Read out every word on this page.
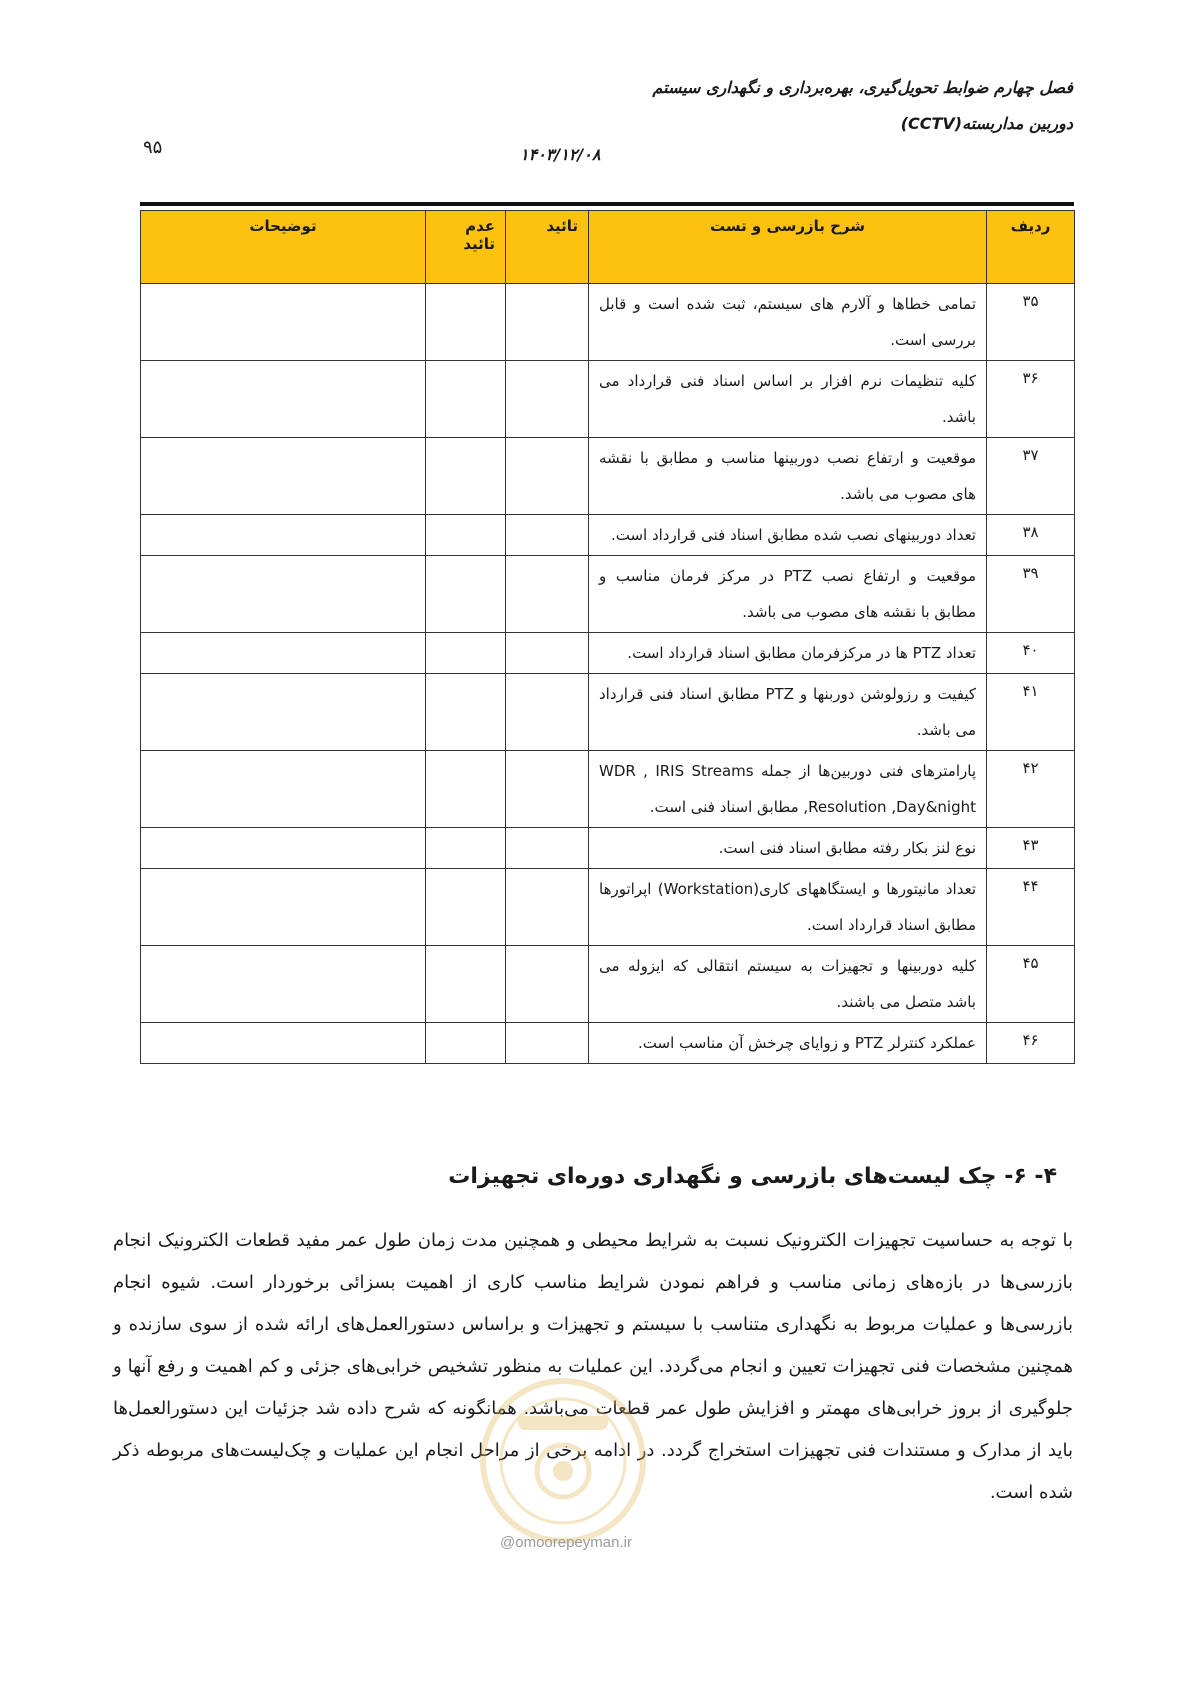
فصل چهارم ضوابط تحویل‌گیری، بهره‌برداری و نگهداری سیستم
دوربین مداربسته(CCTV)
۱۴۰۳/۱۲/۰۸
۹۵
ردیف	شرح بازرسی و تست	تائید	عدم تائید	توضیحات
۳۵	تمامی خطاها و آلارم های سیستم، ثبت شده است و قابل بررسی است.			
۳۶	کلیه تنظیمات نرم افزار بر اساس اسناد فنی قرارداد می باشد.			
۳۷	موقعیت و ارتفاع نصب دوربینها مناسب و مطابق با نقشه های مصوب می باشد.			
۳۸	تعداد دوربینهای نصب شده مطابق اسناد فنی قرارداد است.			
۳۹	موقعیت و ارتفاع نصب PTZ در مرکز فرمان مناسب و مطابق با نقشه های مصوب می باشد.			
۴۰	تعداد PTZ ها در مرکزفرمان مطابق اسناد قرارداد است.			
۴۱	کیفیت و رزولوشن دوربنها و PTZ مطابق اسناد فنی قرارداد می باشد.			
۴۲	پارامترهای فنی دوربین‌ها از جمله WDR , IRIS Streams ,Resolution ,Day&night مطابق اسناد فنی است.			
۴۳	نوع لنز بکار رفته مطابق اسناد فنی است.			
۴۴	تعداد مانیتورها و ایستگاههای کاری(Workstation) اپراتورها مطابق اسناد قرارداد است.			
۴۵	کلیه دوربینها و تجهیزات به سیستم انتقالی که ایزوله می باشد متصل می باشند.			
۴۶	عملکرد کنترلر PTZ و زوایای چرخش آن مناسب است.			
۴- ۶- چک لیست‌های بازرسی و نگهداری دوره‌ای تجهیزات
با توجه به حساسیت تجهیزات الکترونیک نسبت به شرایط محیطی و همچنین مدت زمان طول عمر مفید قطعات الکترونیک انجام بازرسی‌ها در بازه‌های زمانی مناسب و فراهم نمودن شرایط مناسب کاری از اهمیت بسزائی برخوردار است. شیوه انجام بازرسی‌ها و عملیات مربوط به نگهداری متناسب با سیستم و تجهیزات و براساس دستورالعمل‌های ارائه شده از سوی سازنده و همچنین مشخصات فنی تجهیزات تعیین و انجام می‌گردد. این عملیات به منظور تشخیص خرابی‌های جزئی و کم اهمیت و رفع آنها و جلوگیری از بروز خرابی‌های مهمتر و افزایش طول عمر قطعات می‌باشد. همانگونه که شرح داده شد جزئیات این دستورالعمل‌ها باید از مدارک و مستندات فنی تجهیزات استخراج گردد. در ادامه برخی از مراحل انجام این عملیات و چک‌لیست‌های مربوطه ذکر شده است.
@omoorepeyman.ir
